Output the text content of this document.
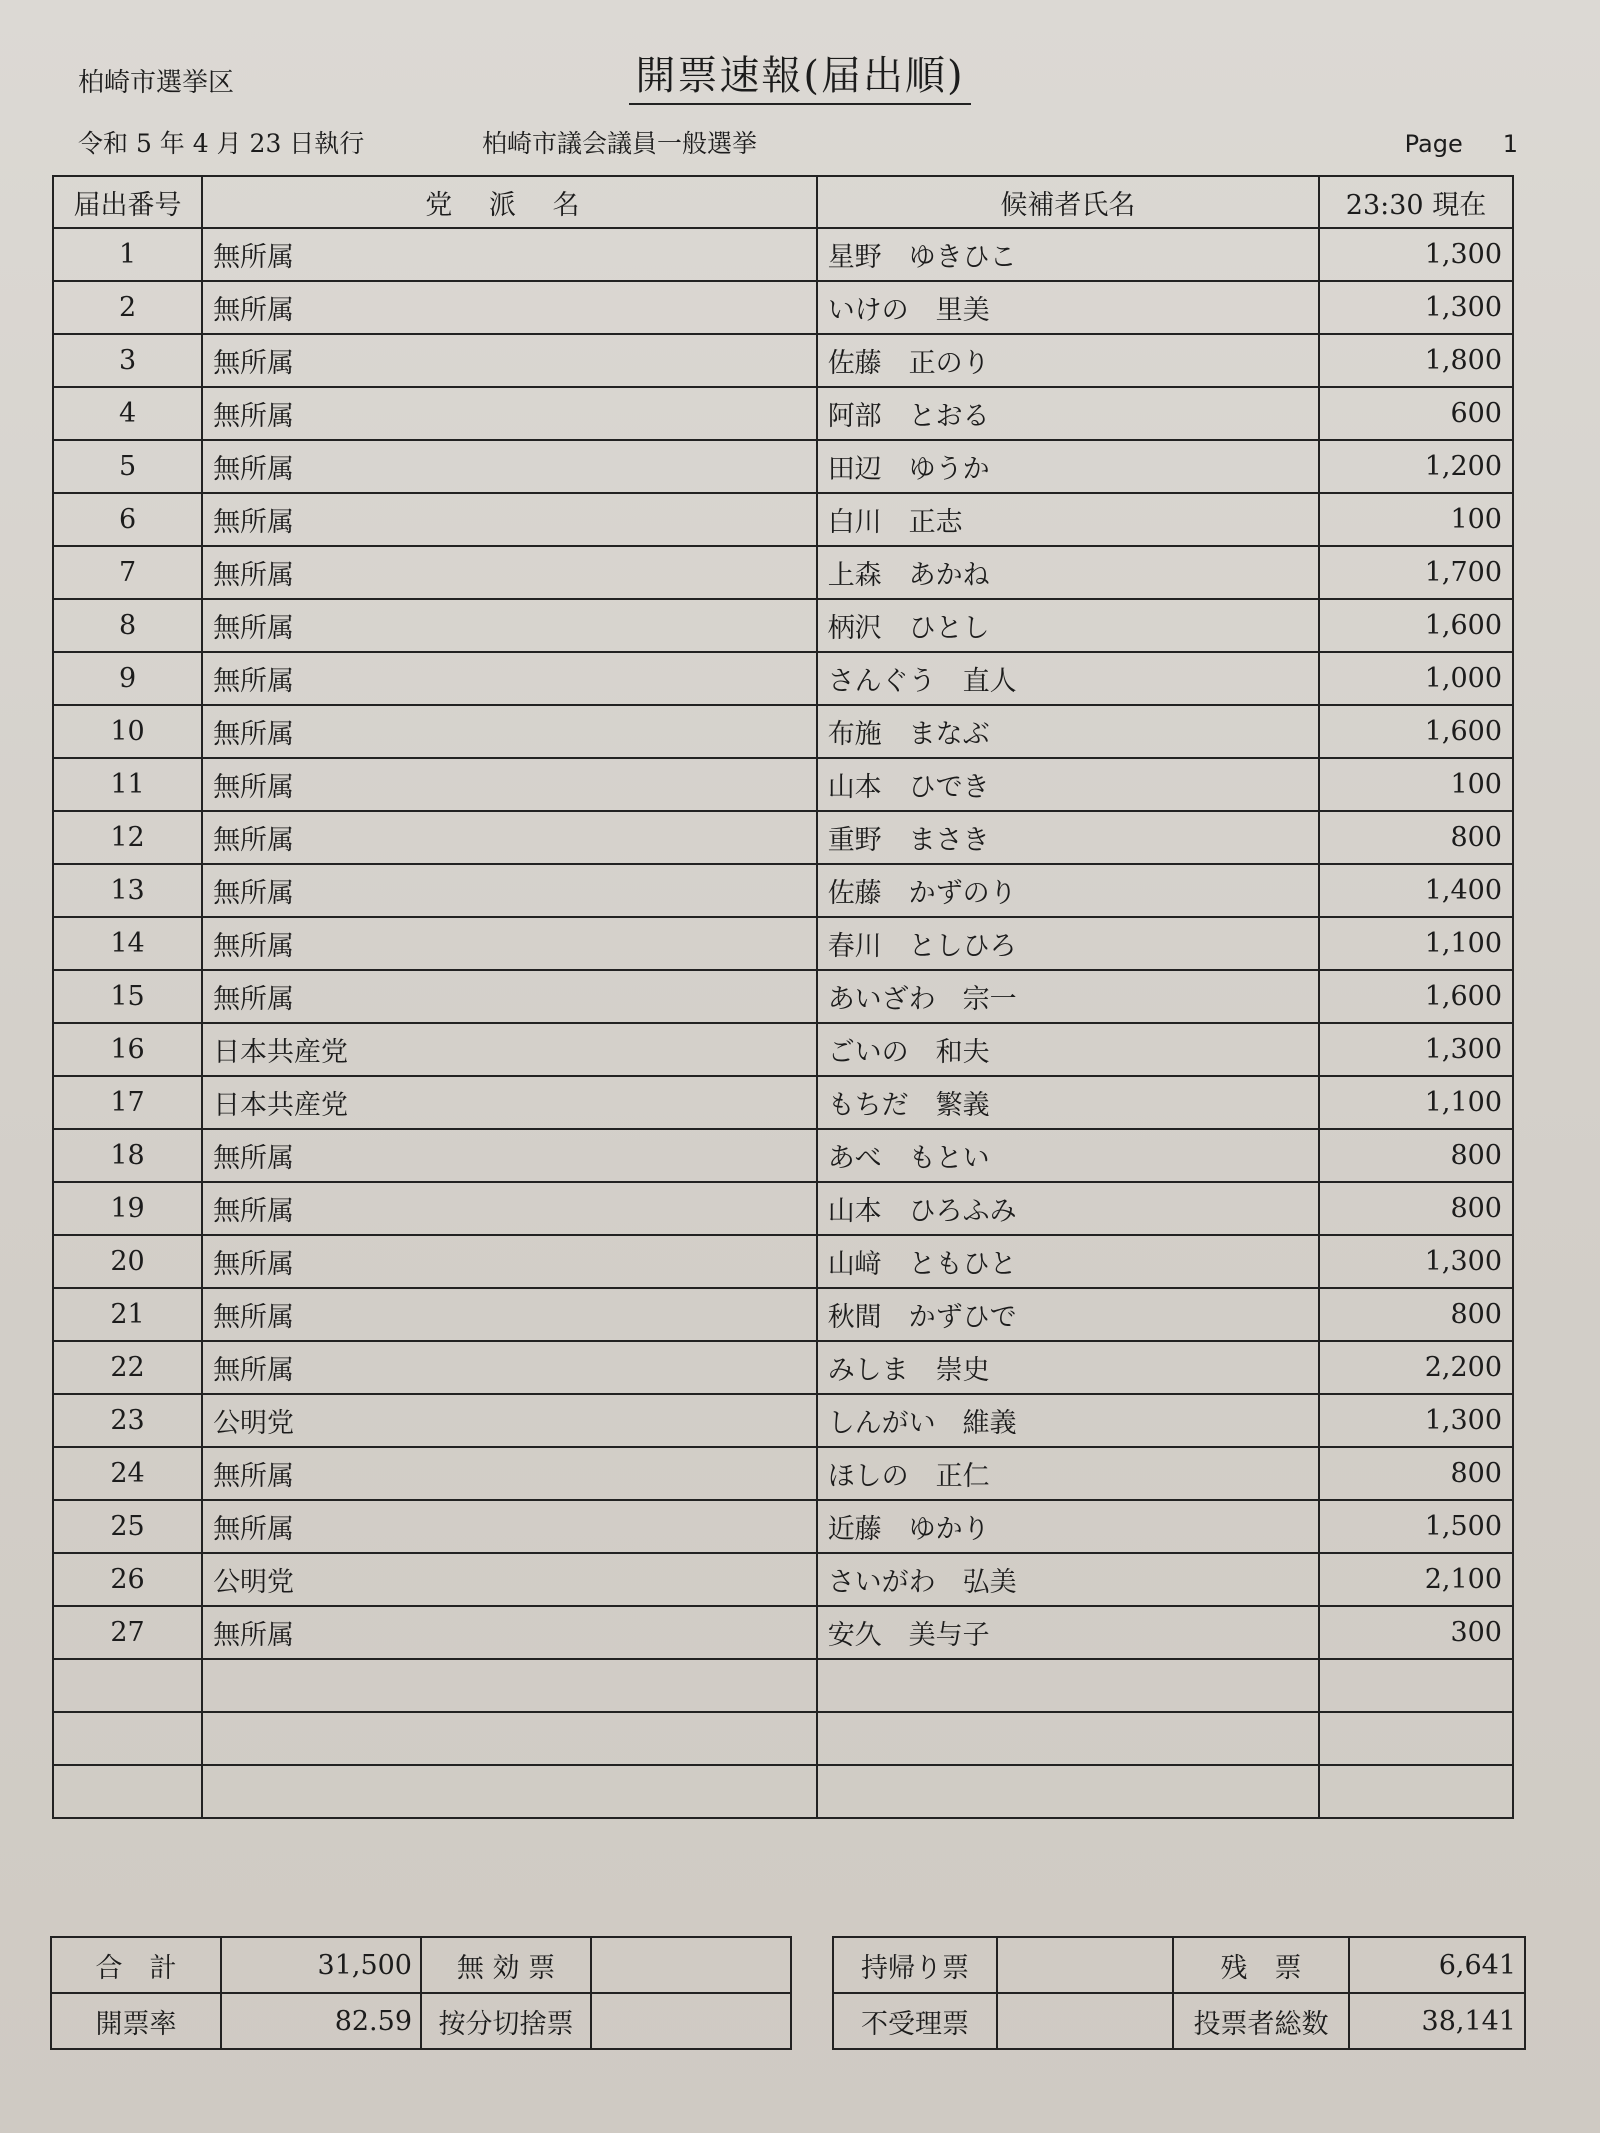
柏崎市選挙区	開票速報(届出順)
令和 5 年 4 月 23 日執行	柏崎市議会議員一般選挙	Page 1
届出番号	党 派 名	候補者氏名	23:30 現在
1	無所属	星野　ゆきひこ	1,300
2	無所属	いけの　里美	1,300
3	無所属	佐藤　正のり	1,800
4	無所属	阿部　とおる	600
5	無所属	田辺　ゆうか	1,200
6	無所属	白川　正志	100
7	無所属	上森　あかね	1,700
8	無所属	柄沢　ひとし	1,600
9	無所属	さんぐう　直人	1,000
10	無所属	布施　まなぶ	1,600
11	無所属	山本　ひでき	100
12	無所属	重野　まさき	800
13	無所属	佐藤　かずのり	1,400
14	無所属	春川　としひろ	1,100
15	無所属	あいざわ　宗一	1,600
16	日本共産党	ごいの　和夫	1,300
17	日本共産党	もちだ　繁義	1,100
18	無所属	あべ　もとい	800
19	無所属	山本　ひろふみ	800
20	無所属	山﨑　ともひと	1,300
21	無所属	秋間　かずひで	800
22	無所属	みしま　崇史	2,200
23	公明党	しんがい　維義	1,300
24	無所属	ほしの　正仁	800
25	無所属	近藤　ゆかり	1,500
26	公明党	さいがわ　弘美	2,100
27	無所属	安久　美与子	300

合　計	31,500	無 効 票			持帰り票		残　票	6,641
開票率	82.59	按分切捨票			不受理票		投票者総数	38,141
